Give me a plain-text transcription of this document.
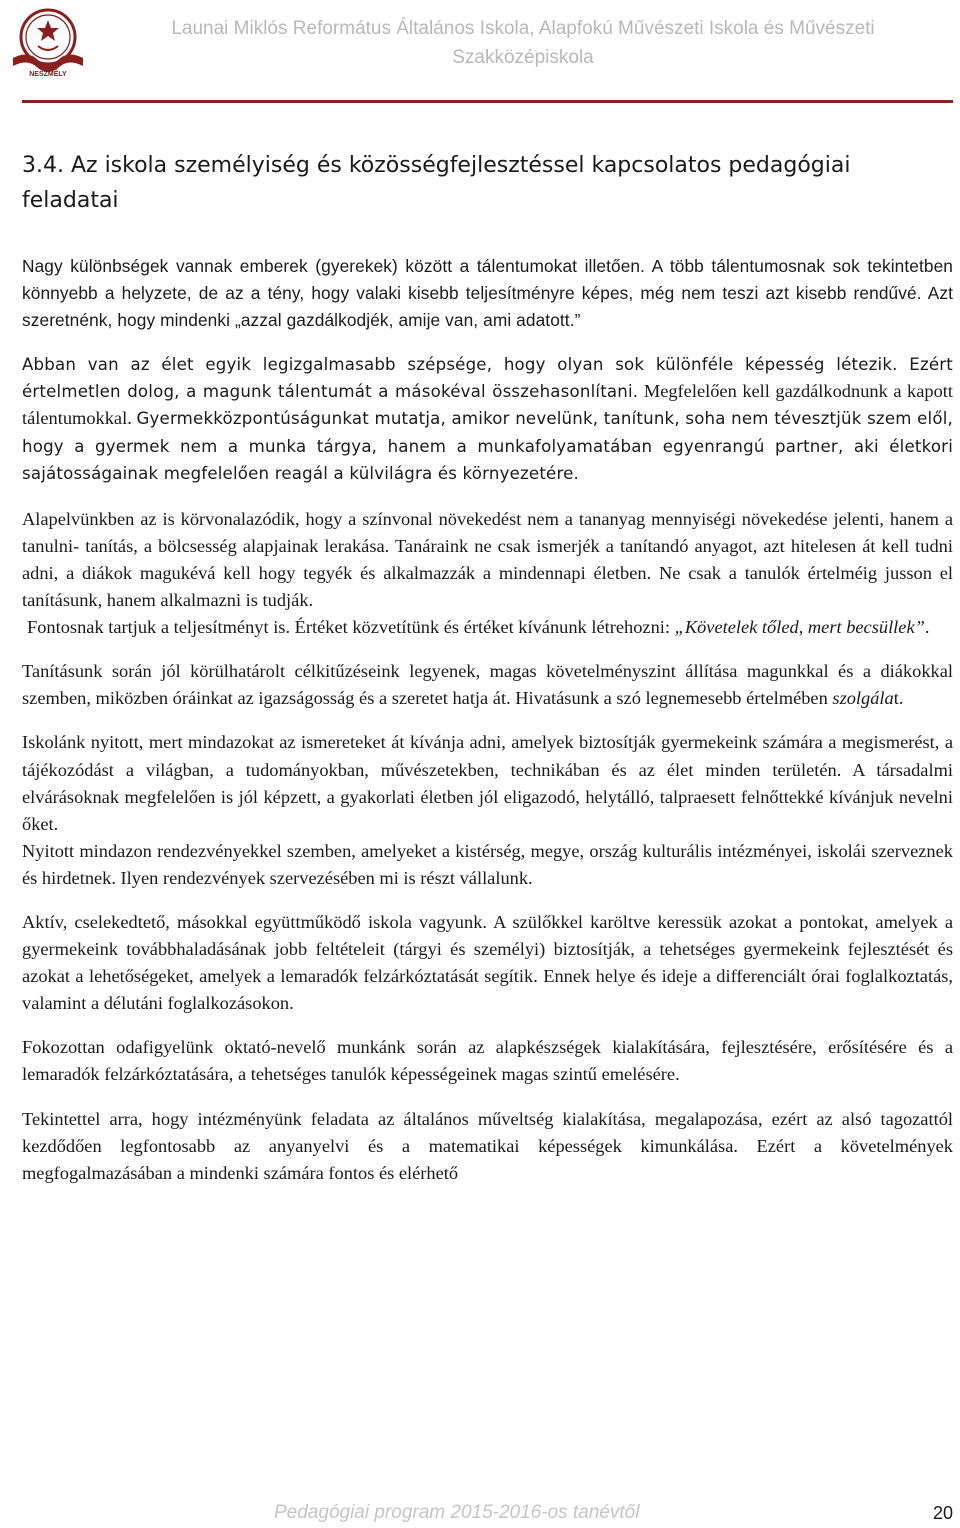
NESZMÉLY
Launai Miklós Református Általános Iskola, Alapfokú Művészeti Iskola és Művészeti Szakközépiskola
3.4. Az iskola személyiség és közösségfejlesztéssel kapcsolatos pedagógiai feladatai

Nagy különbségek vannak emberek (gyerekek) között a tálentumokat illetően. A több tálentumosnak sok tekintetben könnyebb a helyzete, de az a tény, hogy valaki kisebb teljesítményre képes, még nem teszi azt kisebb rendűvé. Azt szeretnénk, hogy mindenki „azzal gazdálkodjék, amije van, ami adatott.”

Abban van az élet egyik legizgalmasabb szépsége, hogy olyan sok különféle képesség létezik. Ezért értelmetlen dolog, a magunk tálentumát a másokéval összehasonlítani. Megfelelően kell gazdálkodnunk a kapott tálentumokkal. Gyermekközpontúságunkat mutatja, amikor nevelünk, tanítunk, soha nem tévesztjük szem elől, hogy a gyermek nem a munka tárgya, hanem a munkafolyamatában egyenrangú partner, aki életkori sajátosságainak megfelelően reagál a külvilágra és környezetére.

Alapelvünkben az is körvonalazódik, hogy a színvonal növekedést nem a tananyag mennyiségi növekedése jelenti, hanem a tanulni- tanítás, a bölcsesség alapjainak lerakása. Tanáraink ne csak ismerjék a tanítandó anyagot, azt hitelesen át kell tudni adni, a diákok magukévá kell hogy tegyék és alkalmazzák a mindennapi életben. Ne csak a tanulók értelméig jusson el tanításunk, hanem alkalmazni is tudják.

Fontosnak tartjuk a teljesítményt is. Értéket közvetítünk és értéket kívánunk létrehozni: „Követelek tőled, mert becsüllek”.

Tanításunk során jól körülhatárolt célkitűzéseink legyenek, magas követelményszint állítása magunkkal és a diákokkal szemben, miközben óráinkat az igazságosság és a szeretet hatja át. Hivatásunk a szó legnemesebb értelmében szolgálat.

Iskolánk nyitott, mert mindazokat az ismereteket át kívánja adni, amelyek biztosítják gyermekeink számára a megismerést, a tájékozódást a világban, a tudományokban, művészetekben, technikában és az élet minden területén. A társadalmi elvárásoknak megfelelően is jól képzett, a gyakorlati életben jól eligazodó, helytálló, talpraesett felnőttekké kívánjuk nevelni őket.

Nyitott mindazon rendezvényekkel szemben, amelyeket a kistérség, megye, ország kulturális intézményei, iskolái szerveznek és hirdetnek. Ilyen rendezvények szervezésében mi is részt vállalunk.

Aktív, cselekedtető, másokkal együttműködő iskola vagyunk. A szülőkkel karöltve keressük azokat a pontokat, amelyek a gyermekeink továbbhaladásának jobb feltételeit (tárgyi és személyi) biztosítják, a tehetséges gyermekeink fejlesztését és azokat a lehetőségeket, amelyek a lemaradók felzárkóztatását segítik. Ennek helye és ideje a differenciált órai foglalkoztatás, valamint a délutáni foglalkozásokon.

Fokozottan odafigyelünk oktató-nevelő munkánk során az alapkészségek kialakítására, fejlesztésére, erősítésére és a lemaradók felzárkóztatására, a tehetséges tanulók képességeinek magas szintű emelésére.

Tekintettel arra, hogy intézményünk feladata az általános műveltség kialakítása, megalapozása, ezért az alsó tagozattól kezdődően legfontosabb az anyanyelvi és a matematikai képességek kimunkálása. Ezért a követelmények megfogalmazásában a mindenki számára fontos és elérhető

Pedagógiai program 2015-2016-os tanévtől	20
